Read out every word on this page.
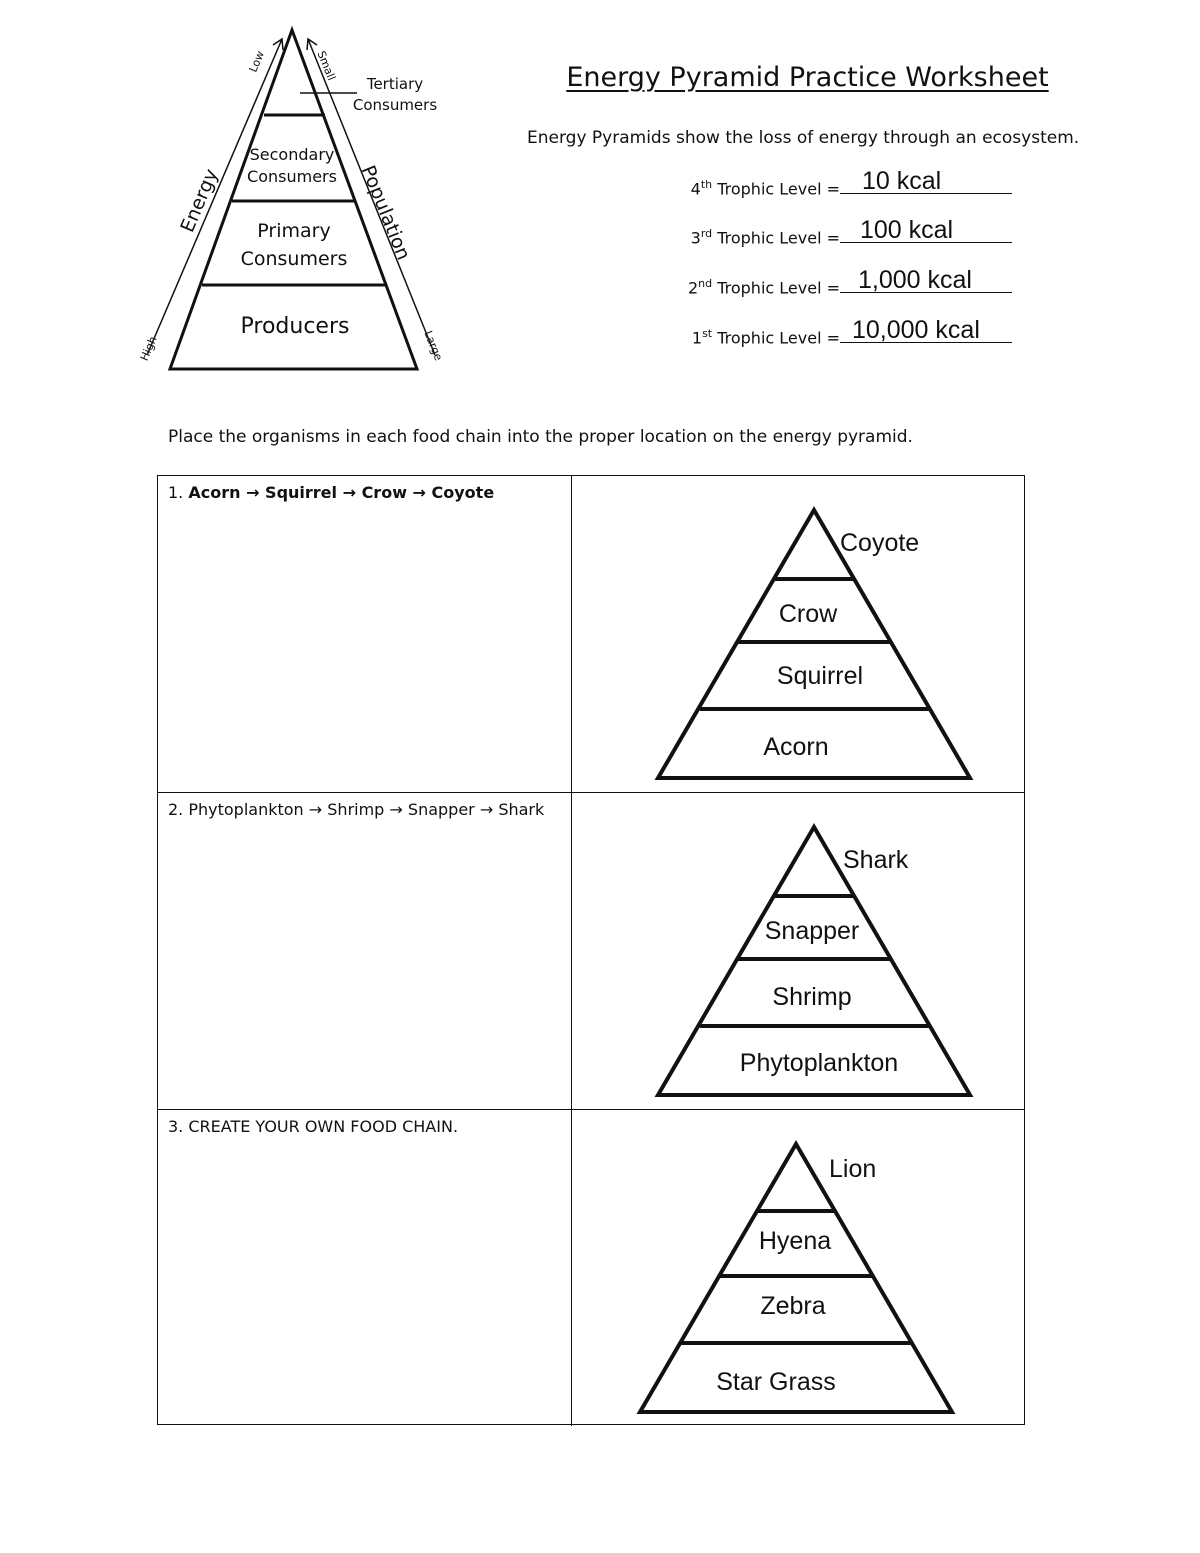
Tertiary Consumers
Secondary Consumers
Primary Consumers
Producers
Energy
Low
High
Population
Small
Large
Energy Pyramid Practice Worksheet
Energy Pyramids show the loss of energy through an ecosystem.
4th Trophic Level = 10 kcal
3rd Trophic Level = 100 kcal
2nd Trophic Level = 1,000 kcal
1st Trophic Level = 10,000 kcal
Place the organisms in each food chain into the proper location on the energy pyramid.
1. Acorn → Squirrel → Crow → Coyote
Coyote
Crow
Squirrel
Acorn
2. Phytoplankton → Shrimp → Snapper → Shark
Shark
Snapper
Shrimp
Phytoplankton
3. CREATE YOUR OWN FOOD CHAIN.
Lion
Hyena
Zebra
Star Grass
